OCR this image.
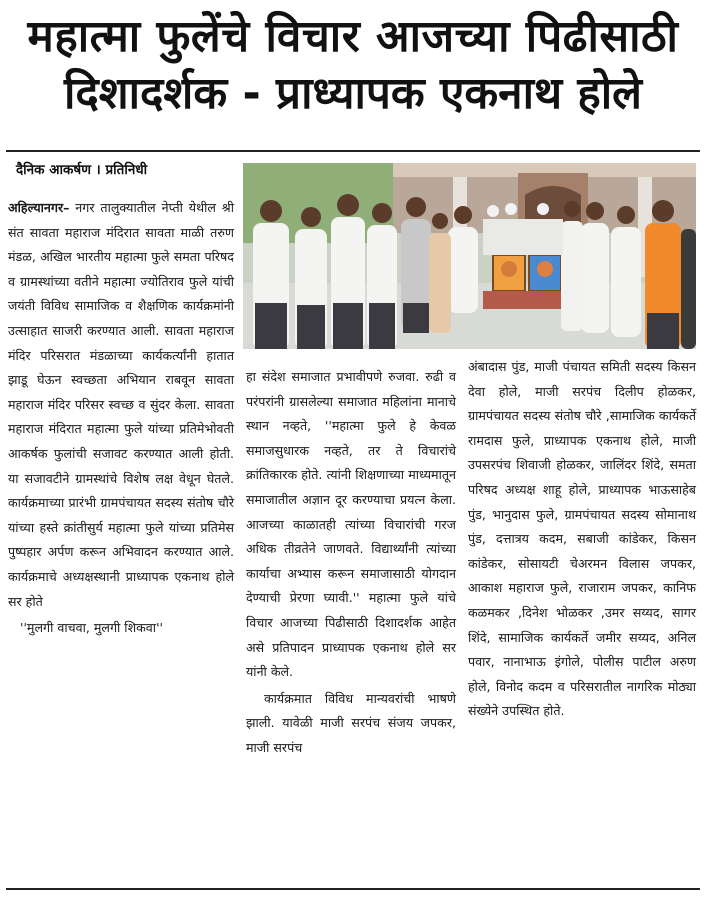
महात्मा फुलेंचे विचार आजच्या पिढीसाठी
दिशादर्शक - प्राध्यापक एकनाथ होले
दैनिक आकर्षण । प्रतिनिधी
अहिल्यानगर– नगर तालुक्यातील नेप्ती येथील श्री संत सावता महाराज मंदिरात सावता माळी तरुण मंडळ, अखिल भारतीय महात्मा फुले समता परिषद व ग्रामस्थांच्या वतीने महात्मा ज्योतिराव फुले यांची जयंती विविध सामाजिक व शैक्षणिक कार्यक्रमांनी उत्साहात साजरी करण्यात आली. सावता महाराज मंदिर परिसरात मंडळाच्या कार्यकर्त्यांनी हातात झाडू घेऊन स्वच्छता अभियान राबवून सावता महाराज मंदिर परिसर स्वच्छ व सुंदर केला. सावता महाराज मंदिरात महात्मा फुले यांच्या प्रतिमेभोवती आकर्षक फुलांची सजावट करण्यात आली होती. या सजावटीने ग्रामस्थांचे विशेष लक्ष वेधून घेतले. कार्यक्रमाच्या प्रारंभी ग्रामपंचायत सदस्य संतोष चौरे यांच्या हस्ते क्रांतीसुर्य महात्मा फुले यांच्या प्रतिमेस पुष्पहार अर्पण करून अभिवादन करण्यात आले. कार्यक्रमाचे अध्यक्षस्थानी प्राध्यापक एकनाथ होले सर होते
''मुलगी वाचवा, मुलगी शिकवा''
हा संदेश समाजात प्रभावीपणे रुजवा. रुढी व परंपरांनी ग्रासलेल्या समाजात महिलांना मानाचे स्थान नव्हते, ''महात्मा फुले हे केवळ समाजसुधारक नव्हते, तर ते विचारांचे क्रांतिकारक होते. त्यांनी शिक्षणाच्या माध्यमातून समाजातील अज्ञान दूर करण्याचा प्रयत्न केला. आजच्या काळातही त्यांच्या विचारांची गरज अधिक तीव्रतेने जाणवते. विद्यार्थ्यांनी त्यांच्या कार्याचा अभ्यास करून समाजासाठी योगदान देण्याची प्रेरणा घ्यावी.'' महात्मा फुले यांचे विचार आजच्या पिढीसाठी दिशादर्शक आहेत असे प्रतिपादन प्राध्यापक एकनाथ होले सर यांनी केले.
कार्यक्रमात विविध मान्यवरांची भाषणे झाली. यावेळी माजी सरपंच संजय जपकर, माजी सरपंच
अंबादास पुंड, माजी पंचायत समिती सदस्य किसन देवा होले, माजी सरपंच दिलीप होळकर, ग्रामपंचायत सदस्य संतोष चौरे ,सामाजिक कार्यकर्ते रामदास फुले, प्राध्यापक एकनाथ होले, माजी उपसरपंच शिवाजी होळकर, जालिंदर शिंदे, समता परिषद अध्यक्ष शाहू होले, प्राध्यापक भाऊसाहेब पुंड, भानुदास फुले, ग्रामपंचायत सदस्य सोमानाथ पुंड, दत्तात्रय कदम, सबाजी कांडेकर, किसन कांडेकर, सोसायटी चेअरमन विलास जपकर, आकाश महाराज फुले, राजाराम जपकर, कानिफ कळमकर ,दिनेश भोळकर ,उमर सय्यद, सागर शिंदे, सामाजिक कार्यकर्ते जमीर सय्यद, अनिल पवार, नानाभाऊ इंगोले, पोलीस पाटील अरुण होले, विनोद कदम व परिसरातील नागरिक मोठ्या संख्येने उपस्थित होते.
